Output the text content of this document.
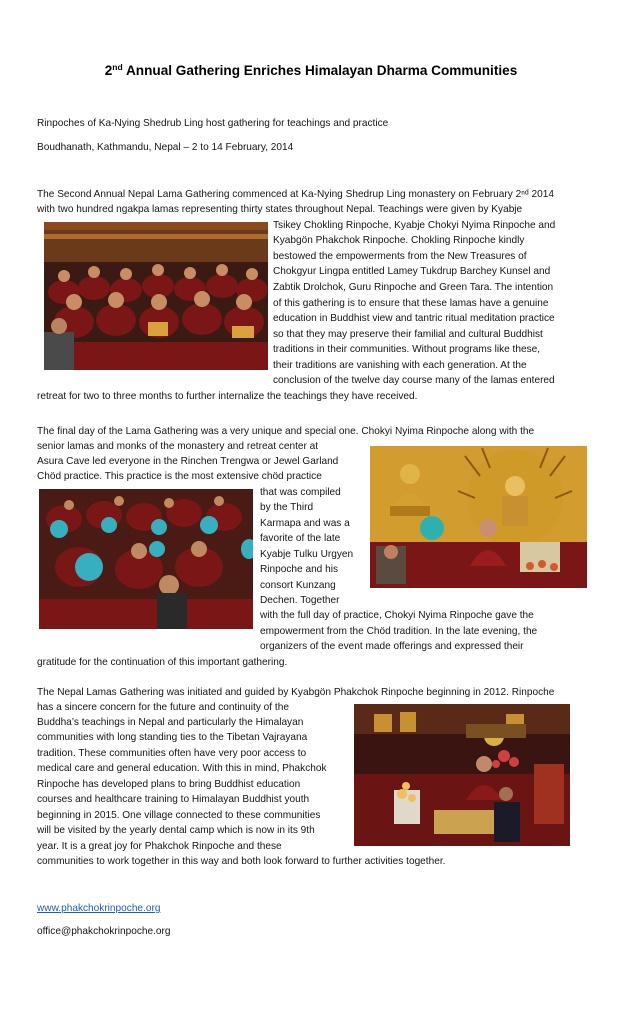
2nd Annual Gathering Enriches Himalayan Dharma Communities
Rinpoches of Ka-Nying Shedrub Ling host gathering for teachings and practice
Boudhanath, Kathmandu, Nepal – 2 to 14 February, 2014
The Second Annual Nepal Lama Gathering commenced at Ka-Nying Shedrup Ling monastery on February 2ⁿᵈ 2014
with two hundred ngakpa lamas representing thirty states throughout Nepal. Teachings were given by Kyabje
Tsikey Chokling Rinpoche, Kyabje Chokyi Nyima Rinpoche and
Kyabgön Phakchok Rinpoche. Chokling Rinpoche kindly
bestowed the empowerments from the New Treasures of
Chokgyur Lingpa entitled Lamey Tukdrup Barchey Kunsel and
Zabtik Drolchok, Guru Rinpoche and Green Tara. The intention
of this gathering is to ensure that these lamas have a genuine
education in Buddhist view and tantric ritual meditation practice
so that they may preserve their familial and cultural Buddhist
traditions in their communities. Without programs like these,
their traditions are vanishing with each generation. At the
conclusion of the twelve day course many of the lamas entered
retreat for two to three months to further internalize the teachings they have received.
The final day of the Lama Gathering was a very unique and special one. Chokyi Nyima Rinpoche along with the
senior lamas and monks of the monastery and retreat center at
Asura Cave led everyone in the Rinchen Trengwa or Jewel Garland
Chöd practice. This practice is the most extensive chöd practice
that was compiled
by the Third
Karmapa and was a
favorite of the late
Kyabje Tulku Urgyen
Rinpoche and his
consort Kunzang
Dechen. Together
with the full day of practice, Chokyi Nyima Rinpoche gave the
empowerment from the Chöd tradition. In the late evening, the
organizers of the event made offerings and expressed their
gratitude for the continuation of this important gathering.
The Nepal Lamas Gathering was initiated and guided by Kyabgön Phakchok Rinpoche beginning in 2012. Rinpoche
has a sincere concern for the future and continuity of the
Buddha’s teachings in Nepal and particularly the Himalayan
communities with long standing ties to the Tibetan Vajrayana
tradition. These communities often have very poor access to
medical care and general education. With this in mind, Phakchok
Rinpoche has developed plans to bring Buddhist education
courses and healthcare training to Himalayan Buddhist youth
beginning in 2015. One village connected to these communities
will be visited by the yearly dental camp which is now in its 9th
year. It is a great joy for Phakchok Rinpoche and these
communities to work together in this way and both look forward to further activities together.
www.phakchokrinpoche.org
office@phakchokrinpoche.org
